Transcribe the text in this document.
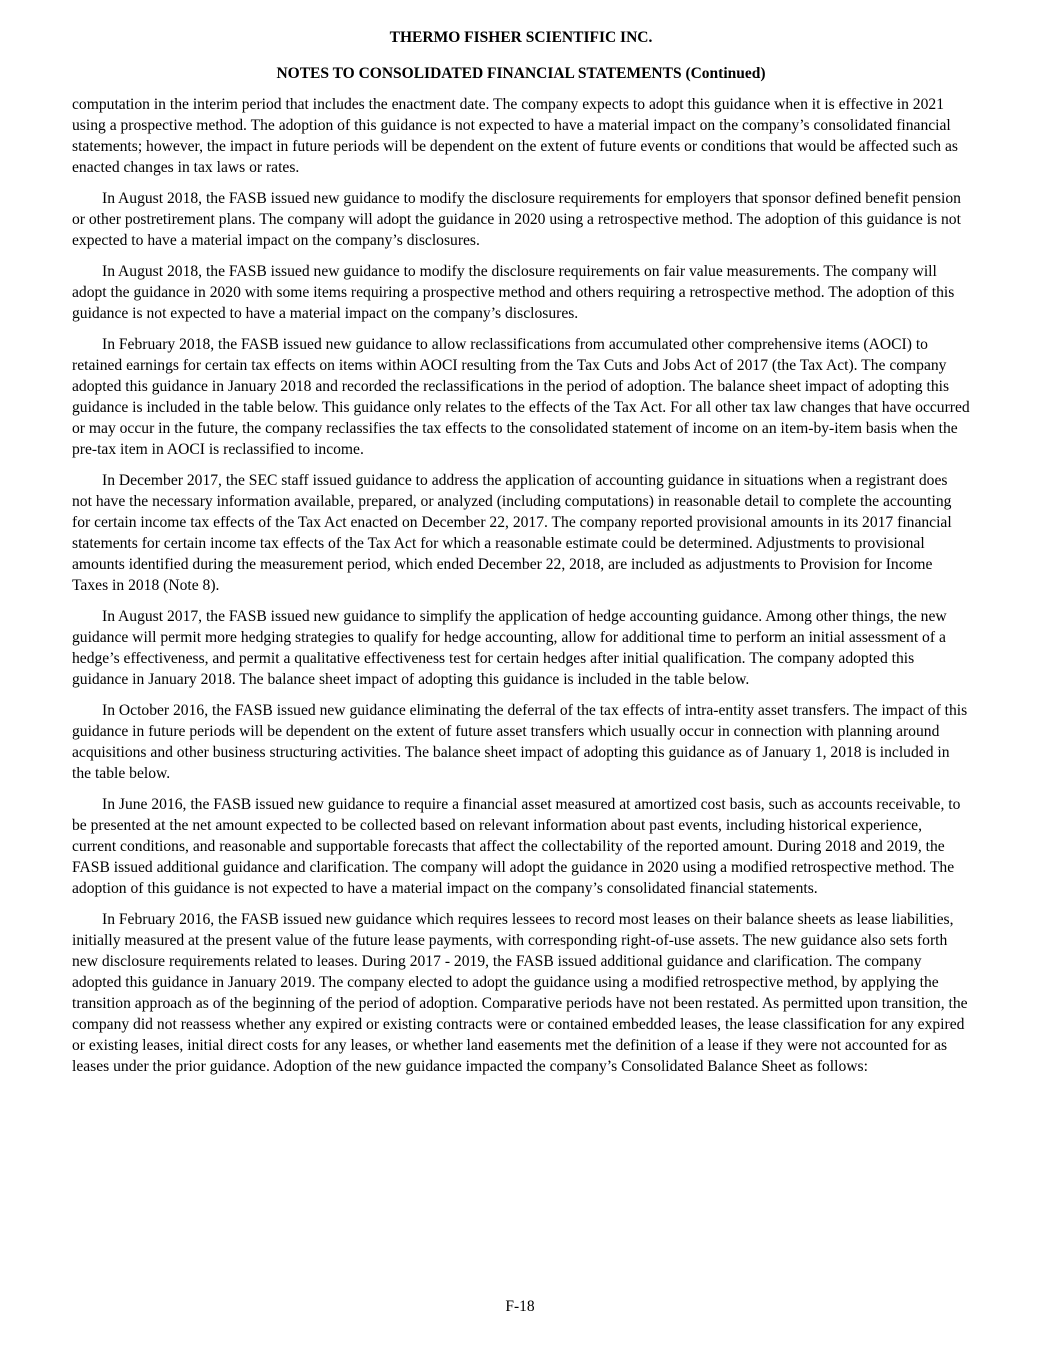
THERMO FISHER SCIENTIFIC INC.
NOTES TO CONSOLIDATED FINANCIAL STATEMENTS (Continued)

computation in the interim period that includes the enactment date. The company expects to adopt this guidance when it is effective in 2021 using a prospective method. The adoption of this guidance is not expected to have a material impact on the company’s consolidated financial statements; however, the impact in future periods will be dependent on the extent of future events or conditions that would be affected such as enacted changes in tax laws or rates.

In August 2018, the FASB issued new guidance to modify the disclosure requirements for employers that sponsor defined benefit pension or other postretirement plans. The company will adopt the guidance in 2020 using a retrospective method. The adoption of this guidance is not expected to have a material impact on the company’s disclosures.

In August 2018, the FASB issued new guidance to modify the disclosure requirements on fair value measurements. The company will adopt the guidance in 2020 with some items requiring a prospective method and others requiring a retrospective method. The adoption of this guidance is not expected to have a material impact on the company’s disclosures.

In February 2018, the FASB issued new guidance to allow reclassifications from accumulated other comprehensive items (AOCI) to retained earnings for certain tax effects on items within AOCI resulting from the Tax Cuts and Jobs Act of 2017 (the Tax Act). The company adopted this guidance in January 2018 and recorded the reclassifications in the period of adoption. The balance sheet impact of adopting this guidance is included in the table below. This guidance only relates to the effects of the Tax Act. For all other tax law changes that have occurred or may occur in the future, the company reclassifies the tax effects to the consolidated statement of income on an item-by-item basis when the pre-tax item in AOCI is reclassified to income.

In December 2017, the SEC staff issued guidance to address the application of accounting guidance in situations when a registrant does not have the necessary information available, prepared, or analyzed (including computations) in reasonable detail to complete the accounting for certain income tax effects of the Tax Act enacted on December 22, 2017. The company reported provisional amounts in its 2017 financial statements for certain income tax effects of the Tax Act for which a reasonable estimate could be determined. Adjustments to provisional amounts identified during the measurement period, which ended December 22, 2018, are included as adjustments to Provision for Income Taxes in 2018 (Note 8).

In August 2017, the FASB issued new guidance to simplify the application of hedge accounting guidance. Among other things, the new guidance will permit more hedging strategies to qualify for hedge accounting, allow for additional time to perform an initial assessment of a hedge’s effectiveness, and permit a qualitative effectiveness test for certain hedges after initial qualification. The company adopted this guidance in January 2018. The balance sheet impact of adopting this guidance is included in the table below.

In October 2016, the FASB issued new guidance eliminating the deferral of the tax effects of intra-entity asset transfers. The impact of this guidance in future periods will be dependent on the extent of future asset transfers which usually occur in connection with planning around acquisitions and other business structuring activities. The balance sheet impact of adopting this guidance as of January 1, 2018 is included in the table below.

In June 2016, the FASB issued new guidance to require a financial asset measured at amortized cost basis, such as accounts receivable, to be presented at the net amount expected to be collected based on relevant information about past events, including historical experience, current conditions, and reasonable and supportable forecasts that affect the collectability of the reported amount. During 2018 and 2019, the FASB issued additional guidance and clarification. The company will adopt the guidance in 2020 using a modified retrospective method. The adoption of this guidance is not expected to have a material impact on the company’s consolidated financial statements.

In February 2016, the FASB issued new guidance which requires lessees to record most leases on their balance sheets as lease liabilities, initially measured at the present value of the future lease payments, with corresponding right-of-use assets. The new guidance also sets forth new disclosure requirements related to leases. During 2017 - 2019, the FASB issued additional guidance and clarification. The company adopted this guidance in January 2019. The company elected to adopt the guidance using a modified retrospective method, by applying the transition approach as of the beginning of the period of adoption. Comparative periods have not been restated. As permitted upon transition, the company did not reassess whether any expired or existing contracts were or contained embedded leases, the lease classification for any expired or existing leases, initial direct costs for any leases, or whether land easements met the definition of a lease if they were not accounted for as leases under the prior guidance. Adoption of the new guidance impacted the company’s Consolidated Balance Sheet as follows:

F-18
